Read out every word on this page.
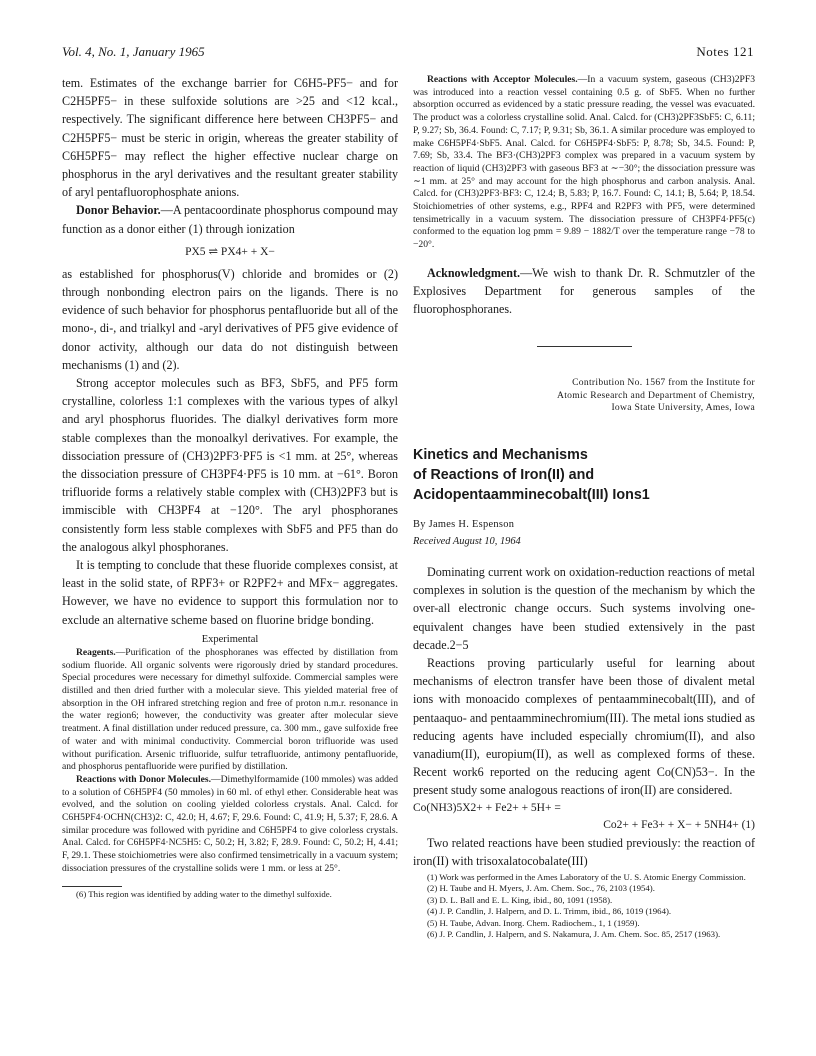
Vol. 4, No. 1, January 1965	Notes 121

tem. Estimates of the exchange barrier for C6H5-PF5− and for C2H5PF5− in these sulfoxide solutions are >25 and <12 kcal., respectively. The significant difference here between CH3PF5− and C2H5PF5− must be steric in origin, whereas the greater stability of C6H5PF5− may reflect the higher effective nuclear charge on phosphorus in the aryl derivatives and the resultant greater stability of aryl pentafluorophosphate anions.

Donor Behavior.—A pentacoordinate phosphorus compound may function as a donor either (1) through ionization

PX5 ⇌ PX4+ + X−

as established for phosphorus(V) chloride and bromides or (2) through nonbonding electron pairs on the ligands. There is no evidence of such behavior for phosphorus pentafluoride but all of the mono-, di-, and trialkyl and -aryl derivatives of PF5 give evidence of donor activity, although our data do not distinguish between mechanisms (1) and (2).

Strong acceptor molecules such as BF3, SbF5, and PF5 form crystalline, colorless 1:1 complexes with the various types of alkyl and aryl phosphorus fluorides. The dialkyl derivatives form more stable complexes than the monoalkyl derivatives. For example, the dissociation pressure of (CH3)2PF3·PF5 is <1 mm. at 25°, whereas the dissociation pressure of CH3PF4·PF5 is 10 mm. at −61°. Boron trifluoride forms a relatively stable complex with (CH3)2PF3 but is immiscible with CH3PF4 at −120°. The aryl phosphoranes consistently form less stable complexes with SbF5 and PF5 than do the analogous alkyl phosphoranes.

It is tempting to conclude that these fluoride complexes consist, at least in the solid state, of RPF3+ or R2PF2+ and MFx− aggregates. However, we have no evidence to support this formulation nor to exclude an alternative scheme based on fluorine bridge bonding.

Experimental

Reagents.—Purification of the phosphoranes was effected by distillation from sodium fluoride. All organic solvents were rigorously dried by standard procedures. Special procedures were necessary for dimethyl sulfoxide. Commercial samples were distilled and then dried further with a molecular sieve. This yielded material free of absorption in the OH infrared stretching region and free of proton n.m.r. resonance in the water region6; however, the conductivity was greater after molecular sieve treatment. A final distillation under reduced pressure, ca. 300 mm., gave sulfoxide free of water and with minimal conductivity. Commercial boron trifluoride was used without purification. Arsenic trifluoride, sulfur tetrafluoride, antimony pentafluoride, and phosphorus pentafluoride were purified by distillation.

Reactions with Donor Molecules.—Dimethylformamide (100 mmoles) was added to a solution of C6H5PF4 (50 mmoles) in 60 ml. of ethyl ether. Considerable heat was evolved, and the solution on cooling yielded colorless crystals. Anal. Calcd. for C6H5PF4·OCHN(CH3)2: C, 42.0; H, 4.67; F, 29.6. Found: C, 41.9; H, 5.37; F, 28.6. A similar procedure was followed with pyridine and C6H5PF4 to give colorless crystals. Anal. Calcd. for C6H5PF4·NC5H5: C, 50.2; H, 3.82; F, 28.9. Found: C, 50.2; H, 4.41; F, 29.1. These stoichiometries were also confirmed tensimetrically in a vacuum system; dissociation pressures of the crystalline solids were 1 mm. or less at 25°.

(6) This region was identified by adding water to the dimethyl sulfoxide.

Reactions with Acceptor Molecules.—In a vacuum system, gaseous (CH3)2PF3 was introduced into a reaction vessel containing 0.5 g. of SbF5. When no further absorption occurred as evidenced by a static pressure reading, the vessel was evacuated. The product was a colorless crystalline solid. Anal. Calcd. for (CH3)2PF3SbF5: C, 6.11; P, 9.27; Sb, 36.4. Found: C, 7.17; P, 9.31; Sb, 36.1. A similar procedure was employed to make C6H5PF4·SbF5. Anal. Calcd. for C6H5PF4·SbF5: P, 8.78; Sb, 34.5. Found: P, 7.69; Sb, 33.4. The BF3·(CH3)2PF3 complex was prepared in a vacuum system by reaction of liquid (CH3)2PF3 with gaseous BF3 at ∼−30°; the dissociation pressure was ∼1 mm. at 25° and may account for the high phosphorus and carbon analysis. Anal. Calcd. for (CH3)2PF3·BF3: C, 12.4; B, 5.83; P, 16.7. Found: C, 14.1; B, 5.64; P, 18.54. Stoichiometries of other systems, e.g., RPF4 and R2PF3 with PF5, were determined tensimetrically in a vacuum system. The dissociation pressure of CH3PF4·PF5(c) conformed to the equation log pmm = 9.89 − 1882/T over the temperature range −78 to −20°.

Acknowledgment.—We wish to thank Dr. R. Schmutzler of the Explosives Department for generous samples of the fluorophosphoranes.

Contribution No. 1567 from the Institute for
Atomic Research and Department of Chemistry,
Iowa State University, Ames, Iowa
Kinetics and Mechanisms
of Reactions of Iron(II) and
Acidopentaamminecobalt(III) Ions1
By James H. Espenson
Received August 10, 1964

Dominating current work on oxidation-reduction reactions of metal complexes in solution is the question of the mechanism by which the over-all electronic change occurs. Such systems involving one-equivalent changes have been studied extensively in the past decade.2−5

Reactions proving particularly useful for learning about mechanisms of electron transfer have been those of divalent metal ions with monoacido complexes of pentaamminecobalt(III), and of pentaaquo- and pentaamminechromium(III). The metal ions studied as reducing agents have included especially chromium(II), and also vanadium(II), europium(II), as well as complexed forms of these. Recent work6 reported on the reducing agent Co(CN)53−. In the present study some analogous reactions of iron(II) are considered.

Co(NH3)5X2+ + Fe2+ + 5H+ =
Co2+ + Fe3+ + X− + 5NH4+ (1)

Two related reactions have been studied previously: the reaction of iron(II) with trisoxalatocobalate(III)

(1) Work was performed in the Ames Laboratory of the U. S. Atomic Energy Commission.

(2) H. Taube and H. Myers, J. Am. Chem. Soc., 76, 2103 (1954).

(3) D. L. Ball and E. L. King, ibid., 80, 1091 (1958).

(4) J. P. Candlin, J. Halpern, and D. L. Trimm, ibid., 86, 1019 (1964).

(5) H. Taube, Advan. Inorg. Chem. Radiochem., 1, 1 (1959).

(6) J. P. Candlin, J. Halpern, and S. Nakamura, J. Am. Chem. Soc. 85, 2517 (1963).
